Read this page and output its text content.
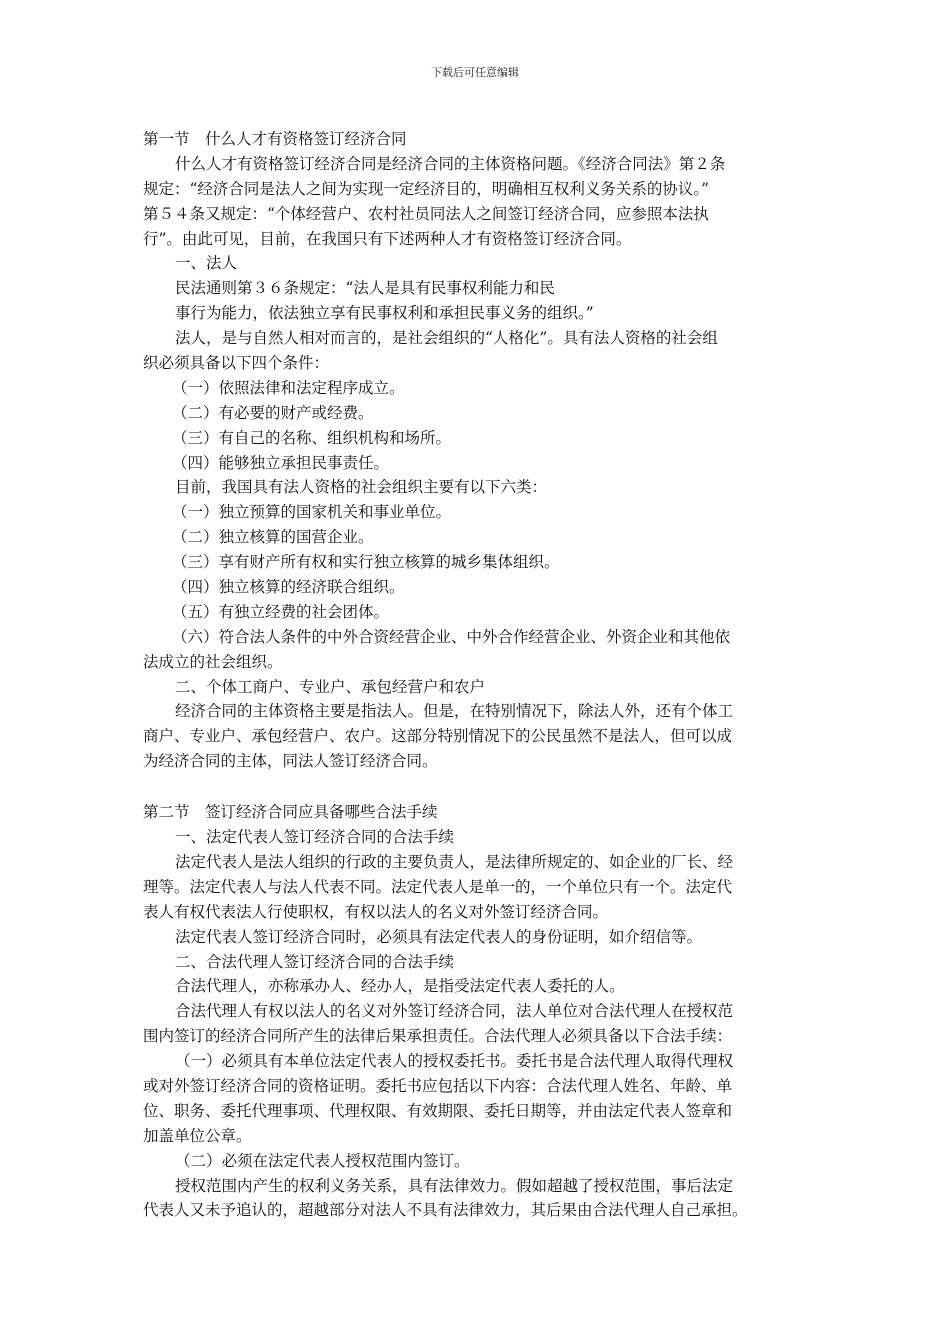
下载后可任意编辑
第一节　什么人才有资格签订经济合同
什么人才有资格签订经济合同是经济合同的主体资格问题。《经济合同法》第２条
规定：“经济合同是法人之间为实现一定经济目的，明确相互权利义务关系的协议。”
第５４条又规定：“个体经营户、农村社员同法人之间签订经济合同，应参照本法执
行”。由此可见，目前，在我国只有下述两种人才有资格签订经济合同。
一、法人
民法通则第３６条规定：“法人是具有民事权利能力和民
事行为能力，依法独立享有民事权利和承担民事义务的组织。”
法人，是与自然人相对而言的，是社会组织的“人格化”。具有法人资格的社会组
织必须具备以下四个条件：
（一）依照法律和法定程序成立。
（二）有必要的财产或经费。
（三）有自己的名称、组织机构和场所。
（四）能够独立承担民事责任。
目前，我国具有法人资格的社会组织主要有以下六类：
（一）独立预算的国家机关和事业单位。
（二）独立核算的国营企业。
（三）享有财产所有权和实行独立核算的城乡集体组织。
（四）独立核算的经济联合组织。
（五）有独立经费的社会团体。
（六）符合法人条件的中外合资经营企业、中外合作经营企业、外资企业和其他依
法成立的社会组织。
二、个体工商户、专业户、承包经营户和农户
经济合同的主体资格主要是指法人。但是，在特别情况下，除法人外，还有个体工
商户、专业户、承包经营户、农户。这部分特别情况下的公民虽然不是法人，但可以成
为经济合同的主体，同法人签订经济合同。
第二节　签订经济合同应具备哪些合法手续
一、法定代表人签订经济合同的合法手续
法定代表人是法人组织的行政的主要负责人，是法律所规定的、如企业的厂长、经
理等。法定代表人与法人代表不同。法定代表人是单一的，一个单位只有一个。法定代
表人有权代表法人行使职权，有权以法人的名义对外签订经济合同。
法定代表人签订经济合同时，必须具有法定代表人的身份证明，如介绍信等。
二、合法代理人签订经济合同的合法手续
合法代理人，亦称承办人、经办人，是指受法定代表人委托的人。
合法代理人有权以法人的名义对外签订经济合同，法人单位对合法代理人在授权范
围内签订的经济合同所产生的法律后果承担责任。合法代理人必须具备以下合法手续：
（一）必须具有本单位法定代表人的授权委托书。委托书是合法代理人取得代理权
或对外签订经济合同的资格证明。委托书应包括以下内容：合法代理人姓名、年龄、单
位、职务、委托代理事项、代理权限、有效期限、委托日期等，并由法定代表人签章和
加盖单位公章。
（二）必须在法定代表人授权范围内签订。
授权范围内产生的权利义务关系，具有法律效力。假如超越了授权范围，事后法定
代表人又未予追认的，超越部分对法人不具有法律效力，其后果由合法代理人自己承担。
